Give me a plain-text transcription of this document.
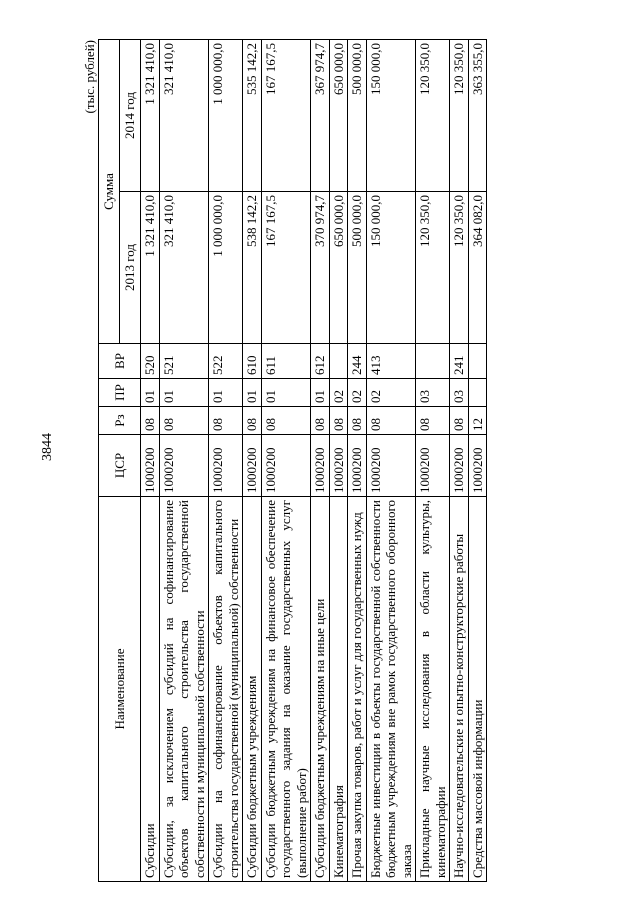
3844
(тыс. рублей)
Наименование	ЦСР	Рз	ПР	ВР	Сумма	
					2013 год	2014 год
Субсидии	1000200	08	01	520	1 321 410,0	1 321 410,0
Субсидии, за исключением субсидий на софинансирование объектов капитального строительства государственной собственности и муниципальной собственности	1000200	08	01	521	321 410,0	321 410,0
Субсидии на софинансирование объектов капитального строительства государственной (муниципальной) собственности	1000200	08	01	522	1 000 000,0	1 000 000,0
Субсидии бюджетным учреждениям	1000200	08	01	610	538 142,2	535 142,2
Субсидии бюджетным учреждениям на финансовое обеспечение государственного задания на оказание государственных услуг (выполнение работ)	1000200	08	01	611	167 167,5	167 167,5
Субсидии бюджетным учреждениям на иные цели	1000200	08	01	612	370 974,7	367 974,7
Кинематография	1000200	08	02		650 000,0	650 000,0
Прочая закупка товаров, работ и услуг для государственных нужд	1000200	08	02	244	500 000,0	500 000,0
Бюджетные инвестиции в объекты государственной собственности бюджетным учреждениям вне рамок государственного оборонного заказа	1000200	08	02	413	150 000,0	150 000,0
Прикладные научные исследования в области культуры, кинематографии	1000200	08	03		120 350,0	120 350,0
Научно-исследовательские и опытно-конструкторские работы	1000200	08	03	241	120 350,0	120 350,0
Средства массовой информации	1000200	12			364 082,0	363 355,0
